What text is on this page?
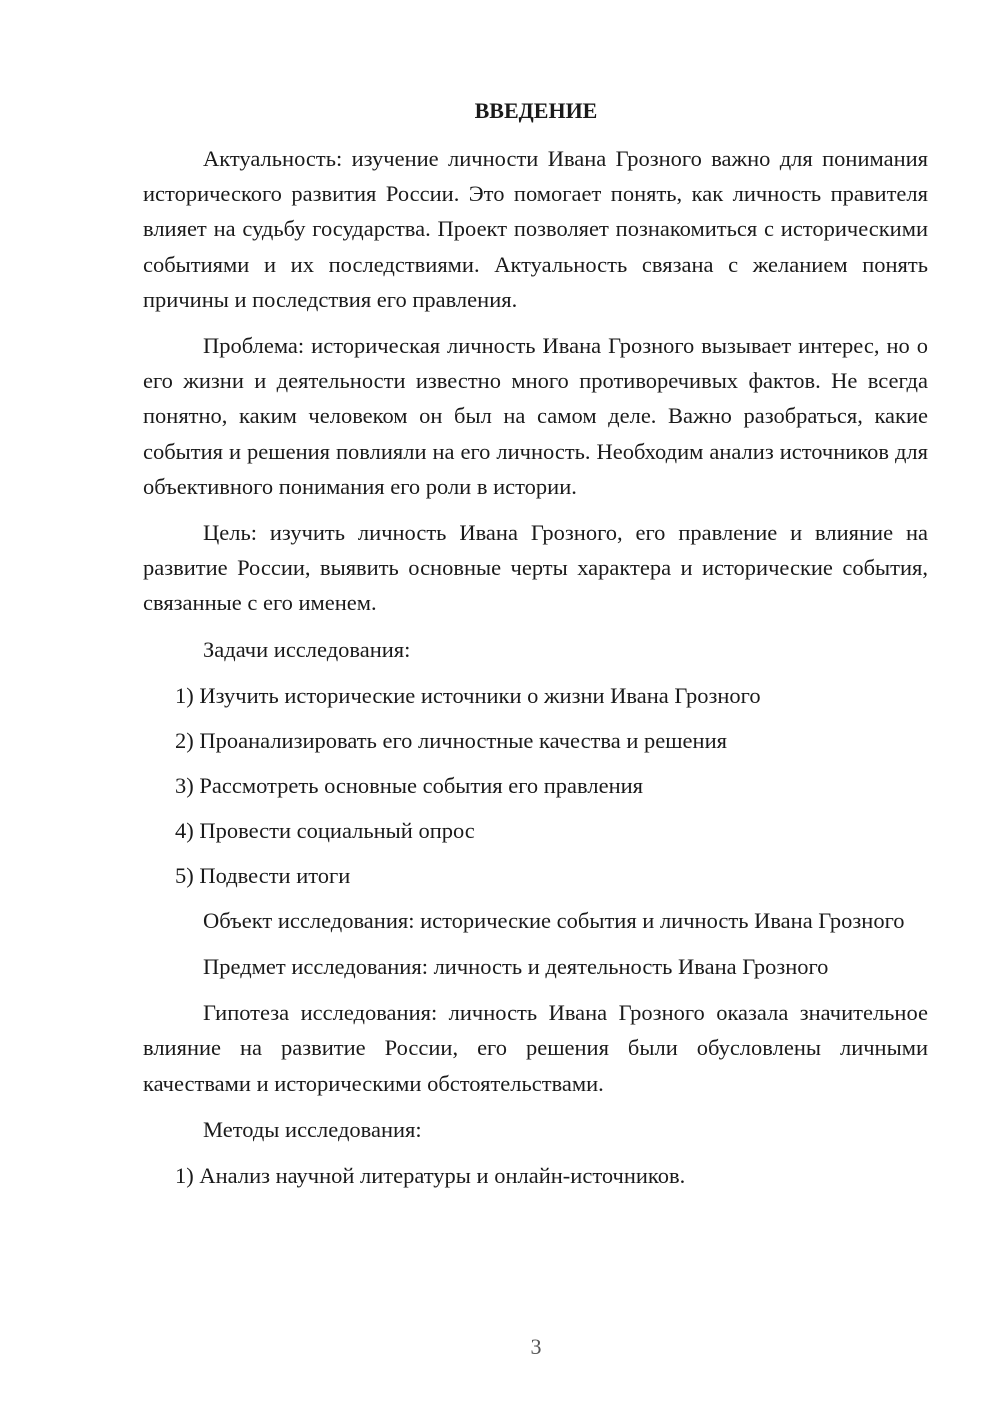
ВВЕДЕНИЕ

Актуальность: изучение личности Ивана Грозного важно для понимания исторического развития России. Это помогает понять, как личность правителя влияет на судьбу государства. Проект позволяет познакомиться с историческими событиями и их последствиями. Актуальность связана с желанием понять причины и последствия его правления.

Проблема: историческая личность Ивана Грозного вызывает интерес, но о его жизни и деятельности известно много противоречивых фактов. Не всегда понятно, каким человеком он был на самом деле. Важно разобраться, какие события и решения повлияли на его личность. Необходим анализ источников для объективного понимания его роли в истории.

Цель: изучить личность Ивана Грозного, его правление и влияние на развитие России, выявить основные черты характера и исторические события, связанные с его именем.

Задачи исследования:

1) Изучить исторические источники о жизни Ивана Грозного
2) Проанализировать его личностные качества и решения
3) Рассмотреть основные события его правления
4) Провести социальный опрос
5) Подвести итоги

Объект исследования: исторические события и личность Ивана Грозного

Предмет исследования: личность и деятельность Ивана Грозного

Гипотеза исследования: личность Ивана Грозного оказала значительное влияние на развитие России, его решения были обусловлены личными качествами и историческими обстоятельствами.

Методы исследования:

1) Анализ научной литературы и онлайн-источников.
3
